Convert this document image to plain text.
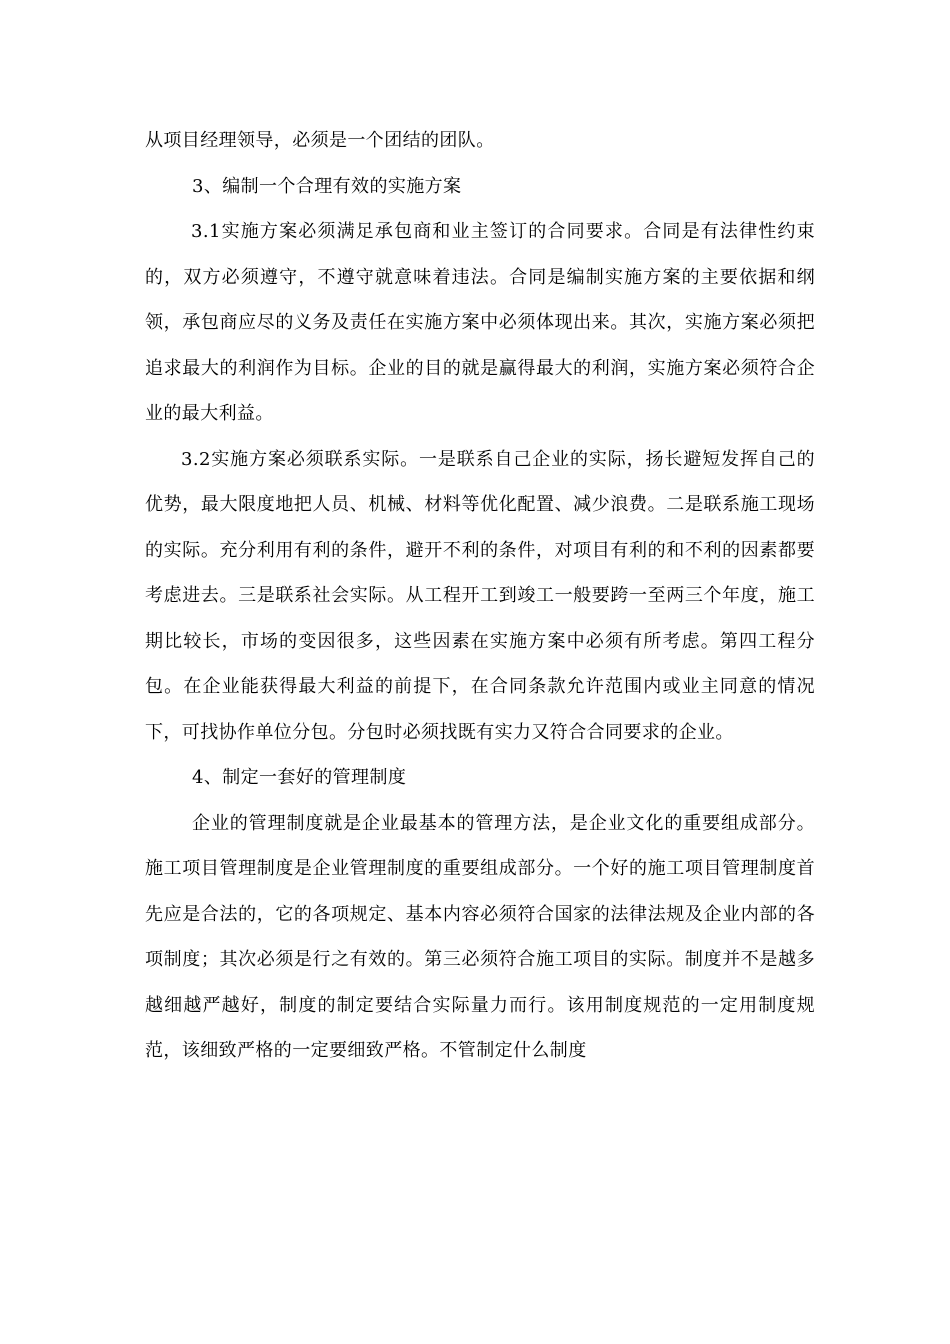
从项目经理领导，必须是一个团结的团队。

3、编制一个合理有效的实施方案

3.1实施方案必须满足承包商和业主签订的合同要求。合同是有法律性约束的，双方必须遵守，不遵守就意味着违法。合同是编制实施方案的主要依据和纲领，承包商应尽的义务及责任在实施方案中必须体现出来。其次，实施方案必须把追求最大的利润作为目标。企业的目的就是赢得最大的利润，实施方案必须符合企业的最大利益。

3.2实施方案必须联系实际。一是联系自己企业的实际，扬长避短发挥自己的优势，最大限度地把人员、机械、材料等优化配置、减少浪费。二是联系施工现场的实际。充分利用有利的条件，避开不利的条件，对项目有利的和不利的因素都要考虑进去。三是联系社会实际。从工程开工到竣工一般要跨一至两三个年度，施工期比较长，市场的变因很多，这些因素在实施方案中必须有所考虑。第四工程分包。在企业能获得最大利益的前提下，在合同条款允许范围内或业主同意的情况下，可找协作单位分包。分包时必须找既有实力又符合合同要求的企业。

4、制定一套好的管理制度

企业的管理制度就是企业最基本的管理方法，是企业文化的重要组成部分。施工项目管理制度是企业管理制度的重要组成部分。一个好的施工项目管理制度首先应是合法的，它的各项规定、基本内容必须符合国家的法律法规及企业内部的各项制度；其次必须是行之有效的。第三必须符合施工项目的实际。制度并不是越多越细越严越好，制度的制定要结合实际量力而行。该用制度规范的一定用制度规范，该细致严格的一定要细致严格。不管制定什么制度
